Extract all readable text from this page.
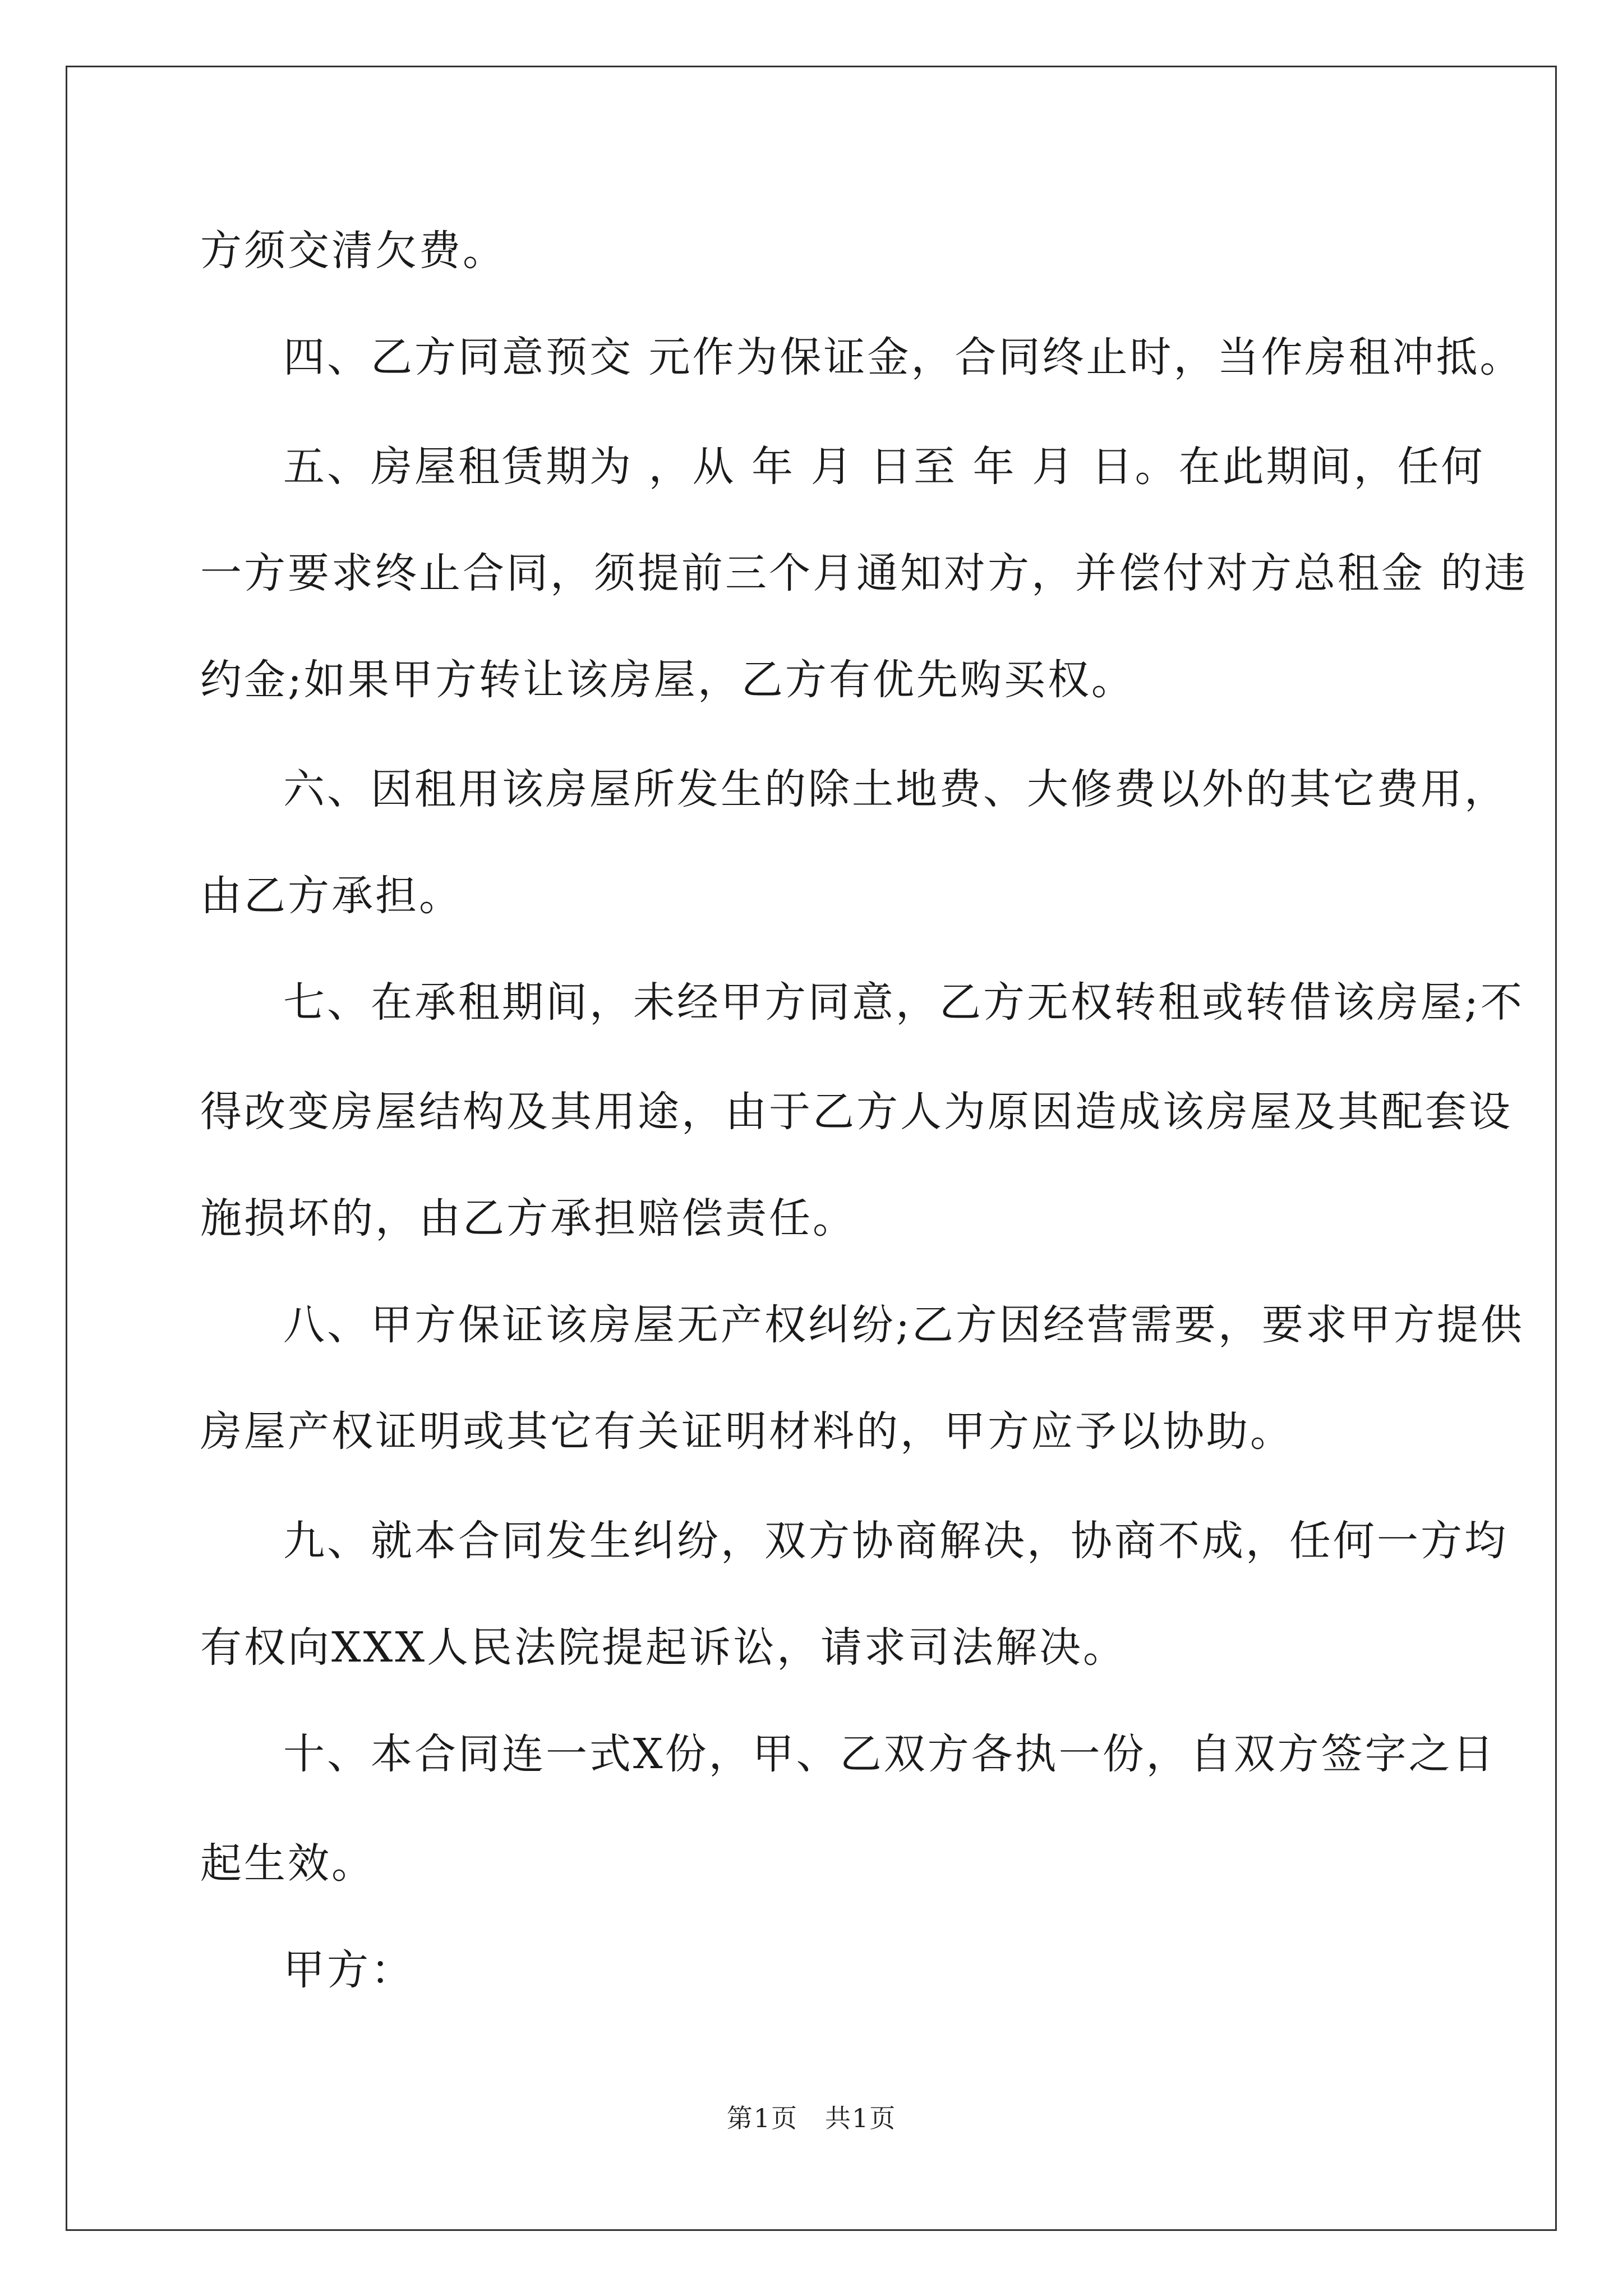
方须交清欠费。
四、乙方同意预交 元作为保证金，合同终止时，当作房租冲抵。
五、房屋租赁期为 ，从 年 月 日至 年 月 日。在此期间，任何
一方要求终止合同，须提前三个月通知对方，并偿付对方总租金 的违
约金;如果甲方转让该房屋，乙方有优先购买权。
六、因租用该房屋所发生的除土地费、大修费以外的其它费用，
由乙方承担。
七、在承租期间，未经甲方同意，乙方无权转租或转借该房屋;不
得改变房屋结构及其用途，由于乙方人为原因造成该房屋及其配套设
施损坏的，由乙方承担赔偿责任。
八、甲方保证该房屋无产权纠纷;乙方因经营需要，要求甲方提供
房屋产权证明或其它有关证明材料的，甲方应予以协助。
九、就本合同发生纠纷，双方协商解决，协商不成，任何一方均
有权向XXX人民法院提起诉讼，请求司法解决。
十、本合同连一式X份，甲、乙双方各执一份，自双方签字之日
起生效。
甲方：
第1页　共1页
